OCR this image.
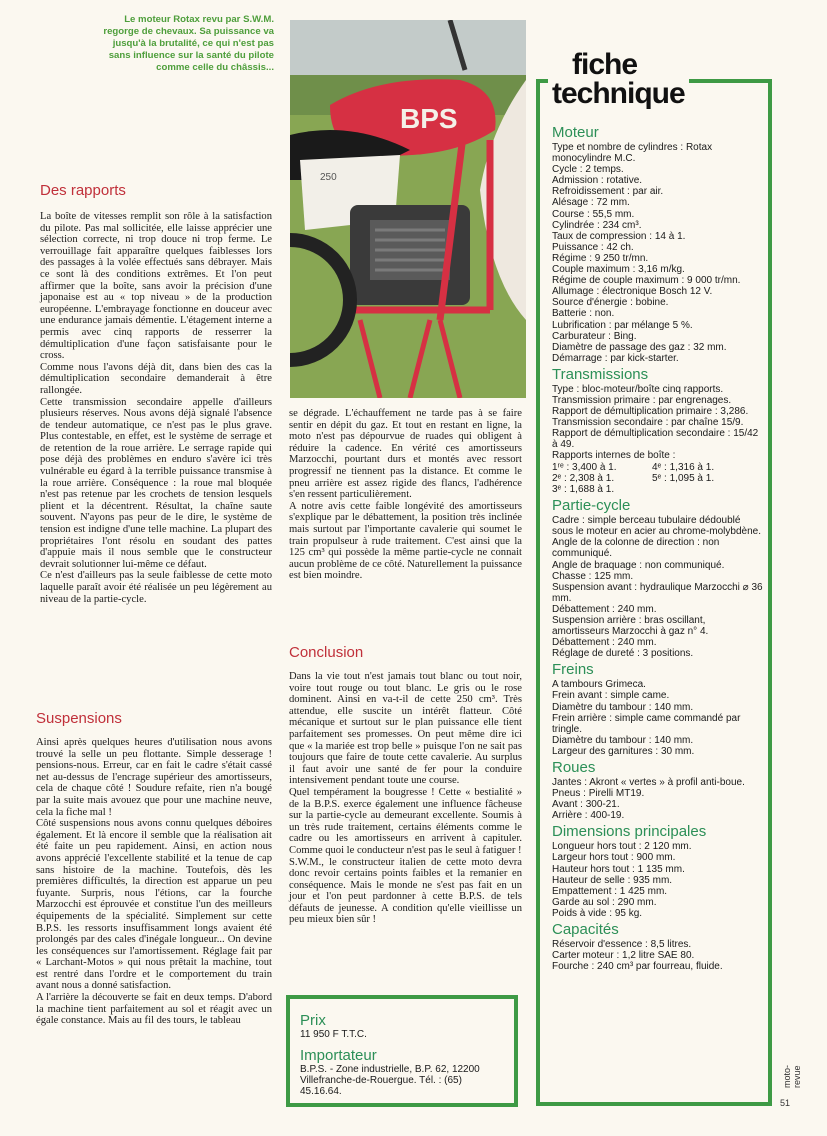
Le moteur Rotax revu par S.W.M.
regorge de chevaux. Sa puissance va
jusqu'à la brutalité, ce qui n'est pas
sans influence sur la santé du pilote
comme celle du châssis...
BPS
250
Des rapports
La boîte de vitesses remplit son rôle à la satisfaction du pilote. Pas mal sollicitée, elle laisse apprécier une sélection correcte, ni trop douce ni trop ferme. Le verrouillage fait apparaître quelques faiblesses lors des passages à la volée effectués sans débrayer. Mais ce sont là des conditions extrêmes. Et l'on peut affirmer que la boîte, sans avoir la précision d'une japonaise est au « top niveau » de la production européenne. L'embrayage fonctionne en douceur avec une endurance jamais démentie. L'étagement interne a permis avec cinq rapports de resserrer la démultiplication d'une façon satisfaisante pour le cross.
Comme nous l'avons déjà dit, dans bien des cas la démultiplication secondaire demanderait à être rallongée.
Cette transmission secondaire appelle d'ailleurs plusieurs réserves. Nous avons déjà signalé l'absence de tendeur automatique, ce n'est pas le plus grave. Plus contestable, en effet, est le système de serrage et de retention de la roue arrière. Le serrage rapide qui pose déjà des problèmes en enduro s'avère ici très vulnérable eu égard à la terrible puissance transmise à la roue arrière. Conséquence : la roue mal bloquée n'est pas retenue par les crochets de tension lesquels plient et la décentrent. Résultat, la chaîne saute souvent. N'ayons pas peur de le dire, le système de tension est indigne d'une telle machine. La plupart des propriétaires l'ont résolu en soudant des pattes d'appuie mais il nous semble que le constructeur devrait solutionner lui-même ce défaut.
Ce n'est d'ailleurs pas la seule faiblesse de cette moto laquelle paraît avoir été réalisée un peu légèrement au niveau de la partie-cycle.
Suspensions
Ainsi après quelques heures d'utilisation nous avons trouvé la selle un peu flottante. Simple desserage ! pensions-nous. Erreur, car en fait le cadre s'était cassé net au-dessus de l'encrage supérieur des amortisseurs, cela de chaque côté ! Soudure refaite, rien n'a bougé par la suite mais avouez que pour une machine neuve, cela la fiche mal !
Côté suspensions nous avons connu quelques déboires également. Et là encore il semble que la réalisation ait été faite un peu rapidement. Ainsi, en action nous avons apprécié l'excellente stabilité et la tenue de cap sans histoire de la machine. Toutefois, dès les premières difficultés, la direction est apparue un peu fuyante. Surpris, nous l'étions, car la fourche Marzocchi est éprouvée et constitue l'un des meilleurs équipements de la spécialité. Simplement sur cette B.P.S. les ressorts insuffisamment longs avaient été prolongés par des cales d'inégale longueur... On devine les conséquences sur l'amortissement. Réglage fait par « Larchant-Motos » qui nous prêtait la machine, tout est rentré dans l'ordre et le comportement du train avant nous a donné satisfaction.
A l'arrière la découverte se fait en deux temps. D'abord la machine tient parfaitement au sol et réagit avec un égale constance. Mais au fil des tours, le tableau
se dégrade. L'échauffement ne tarde pas à se faire sentir en dépit du gaz. Et tout en restant en ligne, la moto n'est pas dépourvue de ruades qui obligent à réduire la cadence. En vérité ces amortisseurs Marzocchi, pourtant durs et montés avec ressort progressif ne tiennent pas la distance. Et comme le pneu arrière est assez rigide des flancs, l'adhérence s'en ressent particulièrement.
A notre avis cette faible longévité des amortisseurs s'explique par le débattement, la position très inclinée mais surtout par l'importante cavalerie qui soumet le train propulseur à rude traitement. C'est ainsi que la 125 cm³ qui possède la même partie-cycle ne connait aucun problème de ce côté. Naturellement la puissance est bien moindre.
Conclusion
Dans la vie tout n'est jamais tout blanc ou tout noir, voire tout rouge ou tout blanc. Le gris ou le rose dominent. Ainsi en va-t-il de cette 250 cm³. Très attendue, elle suscite un intérêt flatteur. Côté mécanique et surtout sur le plan puissance elle tient parfaitement ses promesses. On peut même dire ici que « la mariée est trop belle » puisque l'on ne sait pas toujours que faire de toute cette cavalerie. Au surplus il faut avoir une santé de fer pour la conduire intensivement pendant toute une course.
Quel tempérament la bougresse ! Cette « bestialité » de la B.P.S. exerce également une influence fâcheuse sur la partie-cycle au demeurant excellente. Soumis à un très rude traitement, certains éléments comme le cadre ou les amortisseurs en arrivent à capituler. Comme quoi le conducteur n'est pas le seul à fatiguer !
S.W.M., le constructeur italien de cette moto devra donc revoir certains points faibles et la remanier en conséquence. Mais le monde ne s'est pas fait en un jour et l'on peut pardonner à cette B.P.S. de tels défauts de jeunesse. A condition qu'elle vieillisse un peu mieux bien sûr !
Prix
11 950 F T.T.C.
Importateur
B.P.S. - Zone industrielle, B.P. 62, 12200 Villefranche-de-Rouergue. Tél. : (65) 45.16.64.
fiche
technique
Moteur
Type et nombre de cylindres : Rotax monocylindre M.C.
Cycle : 2 temps.
Admission : rotative.
Refroidissement : par air.
Alésage : 72 mm.
Course : 55,5 mm.
Cylindrée : 234 cm³.
Taux de compression : 14 à 1.
Puissance : 42 ch.
Régime : 9 250 tr/mn.
Couple maximum : 3,16 m/kg.
Régime de couple maximum : 9 000 tr/mn.
Allumage : électronique Bosch 12 V.
Source d'énergie : bobine.
Batterie : non.
Lubrification : par mélange 5 %.
Carburateur : Bing.
Diamètre de passage des gaz : 32 mm.
Démarrage : par kick-starter.
Transmissions
Type : bloc-moteur/boîte cinq rapports.
Transmission primaire : par engrenages.
Rapport de démultiplication primaire : 3,286.
Transmission secondaire : par chaîne 15/9.
Rapport de démultiplication secondaire : 15/42 à 49.
Rapports internes de boîte :
1ʳᵉ : 3,400 à 1.	4ᵉ : 1,316 à 1.
2ᵉ : 2,308 à 1.	5ᵉ : 1,095 à 1.
3ᵉ : 1,688 à 1.
Partie-cycle
Cadre : simple berceau tubulaire dédoublé sous le moteur en acier au chrome-molybdène.
Angle de la colonne de direction : non communiqué.
Angle de braquage : non communiqué.
Chasse : 125 mm.
Suspension avant : hydraulique Marzocchi ⌀ 36 mm.
Débattement : 240 mm.
Suspension arrière : bras oscillant, amortisseurs Marzocchi à gaz n° 4.
Débattement : 240 mm.
Réglage de dureté : 3 positions.
Freins
A tambours Grimeca.
Frein avant : simple came.
Diamètre du tambour : 140 mm.
Frein arrière : simple came commandé par tringle.
Diamètre du tambour : 140 mm.
Largeur des garnitures : 30 mm.
Roues
Jantes : Akront « vertes » à profil anti-boue.
Pneus : Pirelli MT19.
Avant : 300-21.
Arrière : 400-19.
Dimensions principales
Longueur hors tout : 2 120 mm.
Largeur hors tout : 900 mm.
Hauteur hors tout : 1 135 mm.
Hauteur de selle : 935 mm.
Empattement : 1 425 mm.
Garde au sol : 290 mm.
Poids à vide : 95 kg.
Capacités
Réservoir d'essence : 8,5 litres.
Carter moteur : 1,2 litre SAE 80.
Fourche : 240 cm³ par fourreau, fluide.
moto-revue
51
